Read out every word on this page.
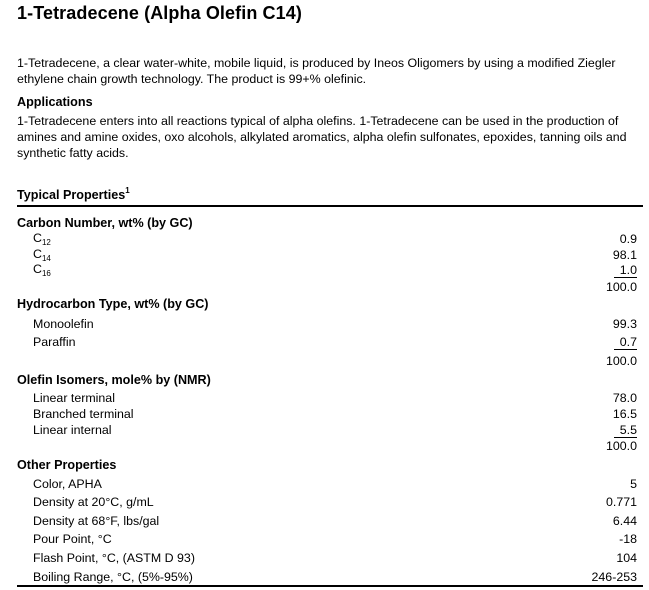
1-Tetradecene (Alpha Olefin C14)
1-Tetradecene, a clear water-white, mobile liquid, is produced by Ineos Oligomers by using a modified Ziegler ethylene chain growth technology. The product is 99+% olefinic.
Applications
1-Tetradecene enters into all reactions typical of alpha olefins. 1-Tetradecene can be used in the production of amines and amine oxides, oxo alcohols, alkylated aromatics, alpha olefin sulfonates, epoxides, tanning oils and synthetic fatty acids.
Typical Properties$^1$
Carbon Number, wt% (by GC)
$C_{12}$	0.9
$C_{14}$	98.1
$C_{16}$	1.0
100.0
Hydrocarbon Type, wt% (by GC)
Monoolefin	99.3
Paraffin	0.7
100.0
Olefin Isomers, mole% by (NMR)
Linear terminal	78.0
Branched terminal	16.5
Linear internal	5.5
100.0
Other Properties
Color, APHA	5
Density at 20°C, g/mL	0.771
Density at 68°F, lbs/gal	6.44
Pour Point, °C	-18
Flash Point, °C, (ASTM D 93)	104
Boiling Range, °C, (5%-95%)	246-253
